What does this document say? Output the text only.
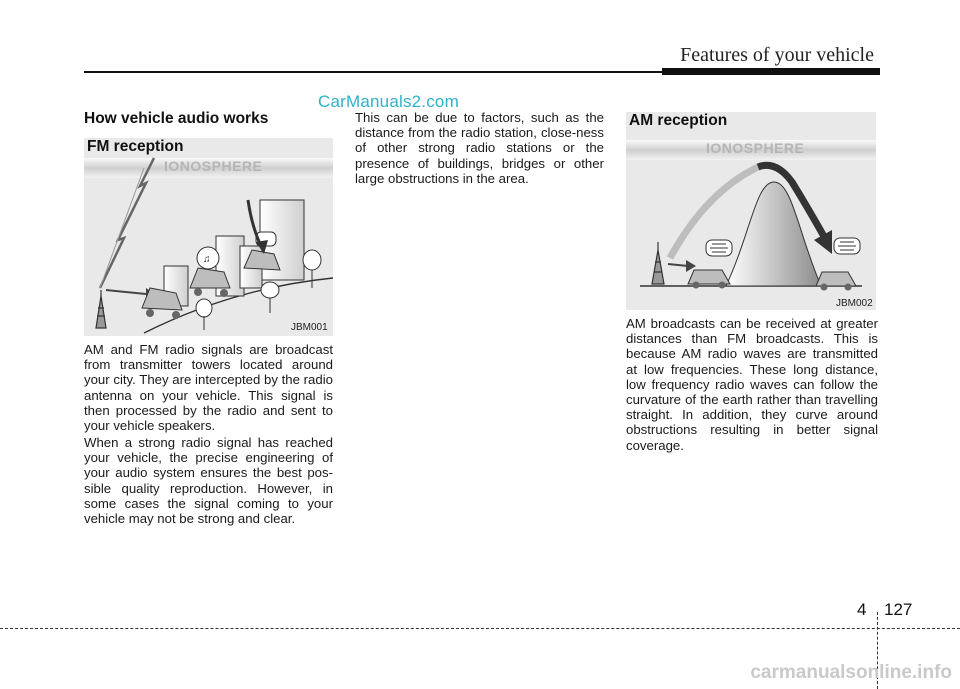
Features of your vehicle
CarManuals2.com
How vehicle audio works
♫
FM reception
IONOSPHERE
JBM001
AM and FM radio signals are broadcast from transmitter towers located around your city. They are intercepted by the radio antenna on your vehicle. This signal is then processed by the radio and sent to your vehicle speakers.
When a strong radio signal has reached your vehicle, the precise engineering of your audio system ensures the best pos-sible quality reproduction. However, in some cases the signal coming to your vehicle may not be strong and clear.
This can be due to factors, such as the distance from the radio station, close-ness of other strong radio stations or the presence of buildings, bridges or other large obstructions in the area.
AM reception
IONOSPHERE
JBM002
AM broadcasts can be received at greater distances than FM broadcasts. This is because AM radio waves are transmitted at low frequencies. These long distance, low frequency radio waves can follow the curvature of the earth rather than travelling straight. In addition, they curve around obstructions resulting in better signal coverage.
4 127
carmanualsonline.info
